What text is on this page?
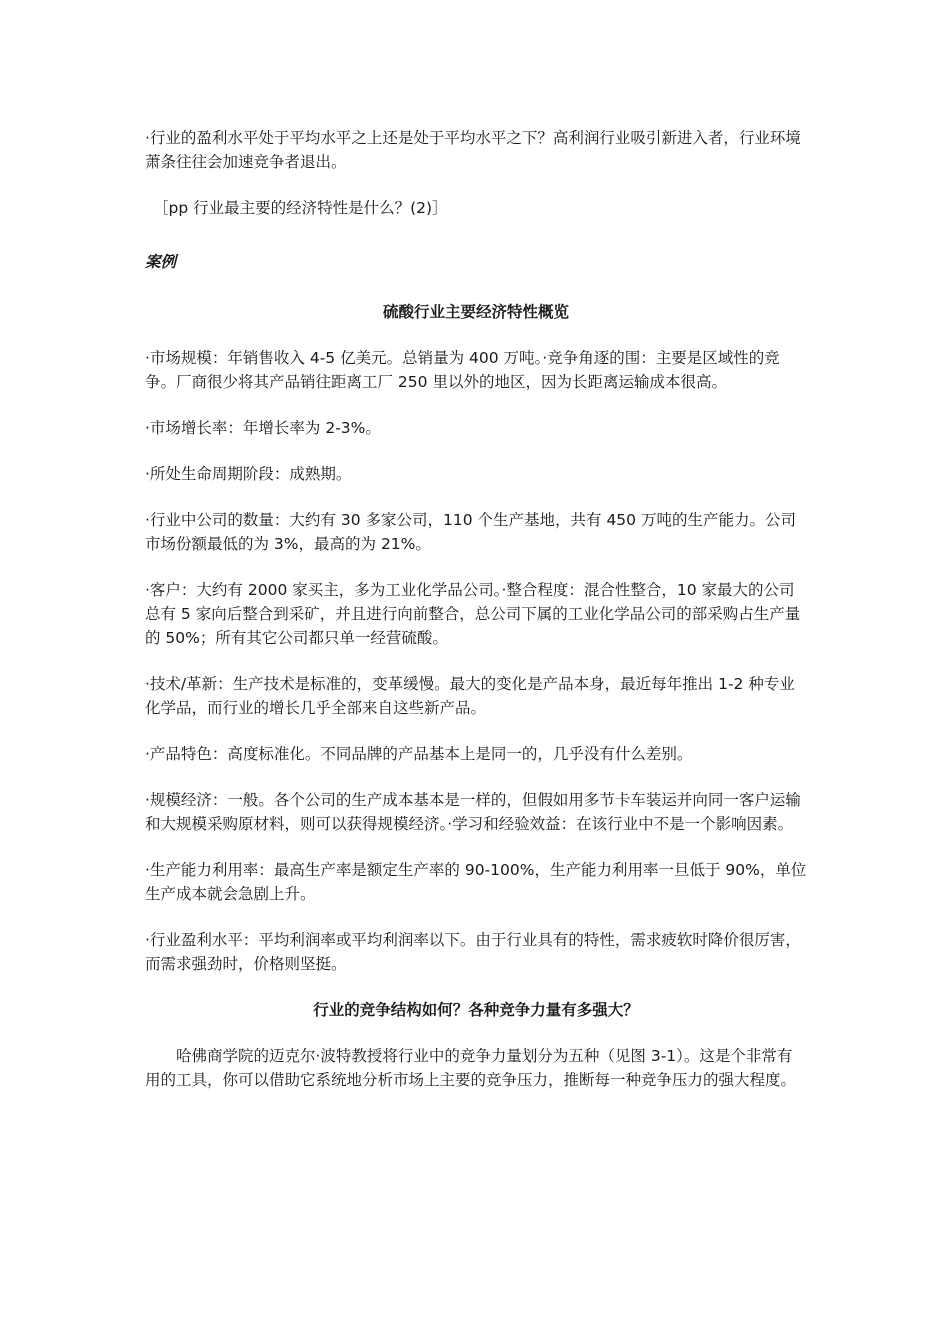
·行业的盈利水平处于平均水平之上还是处于平均水平之下？高利润行业吸引新进入者，行业环境萧条往往会加速竞争者退出。

［pp 行业最主要的经济特性是什么？(2)］

案例

硫酸行业主要经济特性概览

·市场规模：年销售收入 4-5 亿美元。总销量为 400 万吨。·竞争角逐的围：主要是区域性的竞争。厂商很少将其产品销往距离工厂 250 里以外的地区，因为长距离运输成本很高。

·市场增长率：年增长率为 2-3%。

·所处生命周期阶段：成熟期。

·行业中公司的数量：大约有 30 多家公司，110 个生产基地，共有 450 万吨的生产能力。公司市场份额最低的为 3%，最高的为 21%。

·客户：大约有 2000 家买主，多为工业化学品公司。·整合程度：混合性整合，10 家最大的公司总有 5 家向后整合到采矿，并且进行向前整合，总公司下属的工业化学品公司的部采购占生产量的 50%；所有其它公司都只单一经营硫酸。

·技术/革新：生产技术是标准的，变革缓慢。最大的变化是产品本身，最近每年推出 1-2 种专业化学品，而行业的增长几乎全部来自这些新产品。

·产品特色：高度标准化。不同品牌的产品基本上是同一的，几乎没有什么差别。

·规模经济：一般。各个公司的生产成本基本是一样的，但假如用多节卡车装运并向同一客户运输和大规模采购原材料，则可以获得规模经济。·学习和经验效益：在该行业中不是一个影响因素。

·生产能力利用率：最高生产率是额定生产率的 90-100%，生产能力利用率一旦低于 90%，单位生产成本就会急剧上升。

·行业盈利水平：平均利润率或平均利润率以下。由于行业具有的特性，需求疲软时降价很厉害，而需求强劲时，价格则坚挺。

行业的竞争结构如何？各种竞争力量有多强大？

哈佛商学院的迈克尔·波特教授将行业中的竞争力量划分为五种（见图 3-1）。这是个非常有用的工具，你可以借助它系统地分析市场上主要的竞争压力，推断每一种竞争压力的强大程度。
